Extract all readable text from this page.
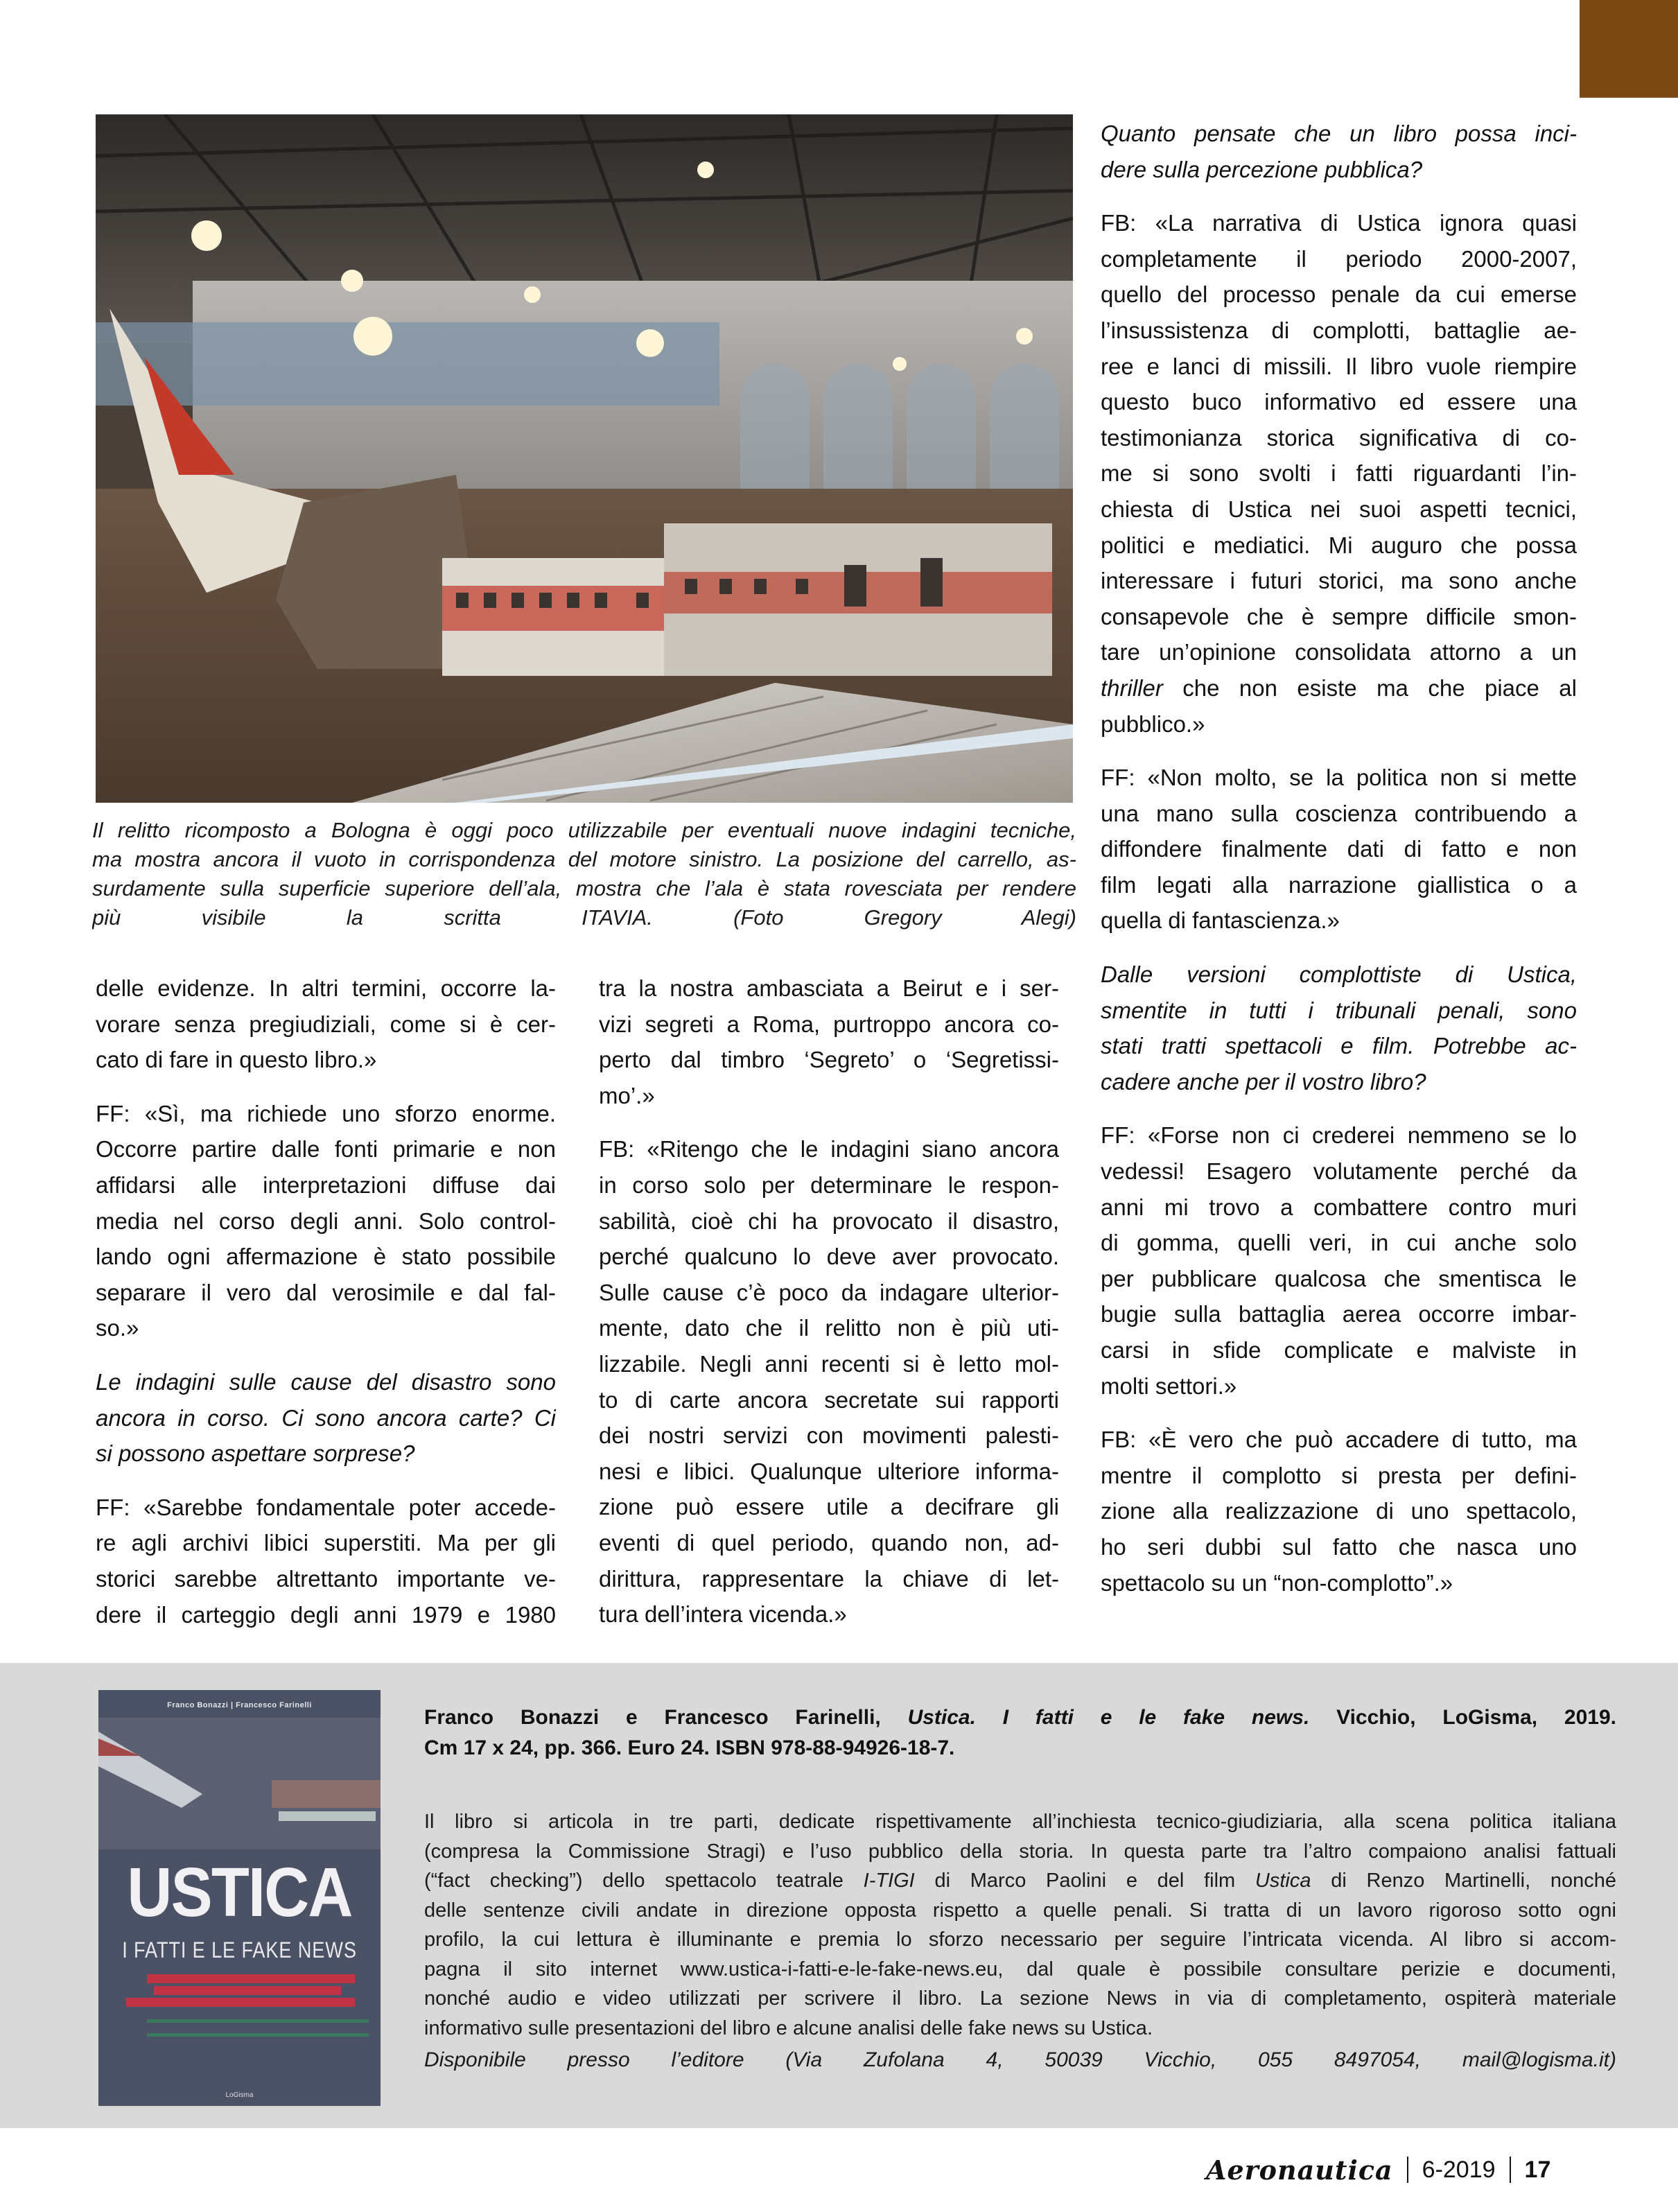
Il relitto ricomposto a Bologna è oggi poco utilizzabile per eventuali nuove indagini tecniche,
ma mostra ancora il vuoto in corrispondenza del motore sinistro. La posizione del carrello, as-
surdamente sulla superficie superiore dell’ala, mostra che l’ala è stata rovesciata per rendere
più visibile la scritta ITAVIA. (Foto Gregory Alegi)
delle evidenze. In altri termini, occorre la-
vorare senza pregiudiziali, come si è cer-
cato di fare in questo libro.»
FF: «Sì, ma richiede uno sforzo enorme.
Occorre partire dalle fonti primarie e non
affidarsi alle interpretazioni diffuse dai
media nel corso degli anni. Solo control-
lando ogni affermazione è stato possibile
separare il vero dal verosimile e dal fal-
so.»
Le indagini sulle cause del disastro sono
ancora in corso. Ci sono ancora carte? Ci
si possono aspettare sorprese?
FF: «Sarebbe fondamentale poter accede-
re agli archivi libici superstiti. Ma per gli
storici sarebbe altrettanto importante ve-
dere il carteggio degli anni 1979 e 1980
tra la nostra ambasciata a Beirut e i ser-
vizi segreti a Roma, purtroppo ancora co-
perto dal timbro ‘Segreto’ o ‘Segretissi-
mo’.»
FB: «Ritengo che le indagini siano ancora
in corso solo per determinare le respon-
sabilità, cioè chi ha provocato il disastro,
perché qualcuno lo deve aver provocato.
Sulle cause c’è poco da indagare ulterior-
mente, dato che il relitto non è più uti-
lizzabile. Negli anni recenti si è letto mol-
to di carte ancora secretate sui rapporti
dei nostri servizi con movimenti palesti-
nesi e libici. Qualunque ulteriore informa-
zione può essere utile a decifrare gli
eventi di quel periodo, quando non, ad-
dirittura, rappresentare la chiave di let-
tura dell’intera vicenda.»
Quanto pensate che un libro possa inci-
dere sulla percezione pubblica?
FB: «La narrativa di Ustica ignora quasi
completamente il periodo 2000-2007,
quello del processo penale da cui emerse
l’insussistenza di complotti, battaglie ae-
ree e lanci di missili. Il libro vuole riempire
questo buco informativo ed essere una
testimonianza storica significativa di co-
me si sono svolti i fatti riguardanti l’in-
chiesta di Ustica nei suoi aspetti tecnici,
politici e mediatici. Mi auguro che possa
interessare i futuri storici, ma sono anche
consapevole che è sempre difficile smon-
tare un’opinione consolidata attorno a un
thriller che non esiste ma che piace al
pubblico.»
FF: «Non molto, se la politica non si mette
una mano sulla coscienza contribuendo a
diffondere finalmente dati di fatto e non
film legati alla narrazione giallistica o a
quella di fantascienza.»
Dalle versioni complottiste di Ustica,
smentite in tutti i tribunali penali, sono
stati tratti spettacoli e film. Potrebbe ac-
cadere anche per il vostro libro?
FF: «Forse non ci crederei nemmeno se lo
vedessi! Esagero volutamente perché da
anni mi trovo a combattere contro muri
di gomma, quelli veri, in cui anche solo
per pubblicare qualcosa che smentisca le
bugie sulla battaglia aerea occorre imbar-
carsi in sfide complicate e malviste in
molti settori.»
FB: «È vero che può accadere di tutto, ma
mentre il complotto si presta per defini-
zione alla realizzazione di uno spettacolo,
ho seri dubbi sul fatto che nasca uno
spettacolo su un “non-complotto”.»
Franco Bonazzi | Francesco Farinelli
USTICA
I FATTI E LE FAKE NEWS
LoGisma
Franco Bonazzi e Francesco Farinelli, Ustica. I fatti e le fake news. Vicchio, LoGisma, 2019.
Cm 17 x 24, pp. 366. Euro 24. ISBN 978-88-94926-18-7.
Il libro si articola in tre parti, dedicate rispettivamente all’inchiesta tecnico-giudiziaria, alla scena politica italiana
(compresa la Commissione Stragi) e l’uso pubblico della storia. In questa parte tra l’altro compaiono analisi fattuali
(“fact checking”) dello spettacolo teatrale I-TIGI di Marco Paolini e del film Ustica di Renzo Martinelli, nonché
delle sentenze civili andate in direzione opposta rispetto a quelle penali. Si tratta di un lavoro rigoroso sotto ogni
profilo, la cui lettura è illuminante e premia lo sforzo necessario per seguire l’intricata vicenda. Al libro si accom-
pagna il sito internet www.ustica-i-fatti-e-le-fake-news.eu, dal quale è possibile consultare perizie e documenti,
nonché audio e video utilizzati per scrivere il libro. La sezione News in via di completamento, ospiterà materiale
informativo sulle presentazioni del libro e alcune analisi delle fake news su Ustica.
Disponibile presso l’editore (Via Zufolana 4, 50039 Vicchio, 055 8497054, mail@logisma.it)
Aeronautica 6-2019 17
